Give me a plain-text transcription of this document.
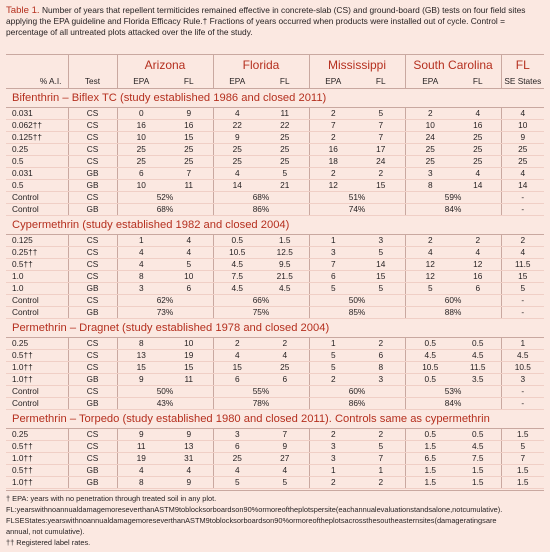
Table 1. Number of years that repellent termiticides remained effective in concrete-slab (CS) and ground-board (GB) tests on four field sites applying the EPA guideline and Florida Efficacy Rule.† Fractions of years occurred when products were installed out of cycle. Control = percentage of all untreated plots attacked over the life of the study.
		Arizona		Florida		Mississippi		South Carolina		FL
% A.I.	Test	EPA	FL	EPA	FL	EPA	FL	EPA	FL	SE States
Bifenthrin – Biflex TC (study established 1986 and closed 2011)										
0.031	CS	0	9	4	11	2	5	2	4	4
0.062††	CS	16	16	22	22	7	7	10	16	10
0.125††	CS	10	15	9	25	2	7	24	25	9
0.25	CS	25	25	25	25	16	17	25	25	25
0.5	CS	25	25	25	25	18	24	25	25	25
0.031	GB	6	7	4	5	2	2	3	4	4
0.5	GB	10	11	14	21	12	15	8	14	14
Control	CS	52%		68%		51%		59%		-
Control	GB	68%		86%		74%		84%		-
Cypermethrin (study established 1982 and closed 2004)										
0.125	CS	1	4	0.5	1.5	1	3	2	2	2
0.25††	CS	4	4	10.5	12.5	3	5	4	4	4
0.5††	CS	4	5	4.5	9.5	7	14	12	12	11.5
1.0	CS	8	10	7.5	21.5	6	15	12	16	15
1.0	GB	3	6	4.5	4.5	5	5	5	6	5
Control	CS	62%		66%		50%		60%		-
Control	GB	73%		75%		85%		88%		-
Permethrin – Dragnet (study established 1978 and closed 2004)										
0.25	CS	8	10	2	2	1	2	0.5	0.5	1
0.5††	CS	13	19	4	4	5	6	4.5	4.5	4.5
1.0††	CS	15	15	15	25	5	8	10.5	11.5	10.5
1.0††	GB	9	11	6	6	2	3	0.5	3.5	3
Control	CS	50%		55%		60%		53%		-
Control	GB	43%		78%		86%		84%		-
Permethrin – Torpedo (study established 1980 and closed 2011). Controls same as cypermethrin										
0.25	CS	9	9	3	7	2	2	0.5	0.5	1.5
0.5††	CS	11	13	6	9	3	5	1.5	4.5	5
1.0††	CS	19	31	25	27	3	7	6.5	7.5	7
0.5††	GB	4	4	4	4	1	1	1.5	1.5	1.5
1.0††	GB	8	9	5	5	2	2	1.5	1.5	1.5
† EPA: years with no penetration through treated soil in any plot.
FL:yearswithnoannualdamagemoreseverthanASTM9toblocksorboardson90%ormoreoftheplotspersite(eachannualevaluationstandsalone,notcumulative).
FLSEStates:yearswithnoannualdamagemoreseverthanASTM9toblocksorboardson90%ormoreoftheplotsacrossthesoutheasternsites(damageratingsare
annual, not cumulative).
†† Registered label rates.
